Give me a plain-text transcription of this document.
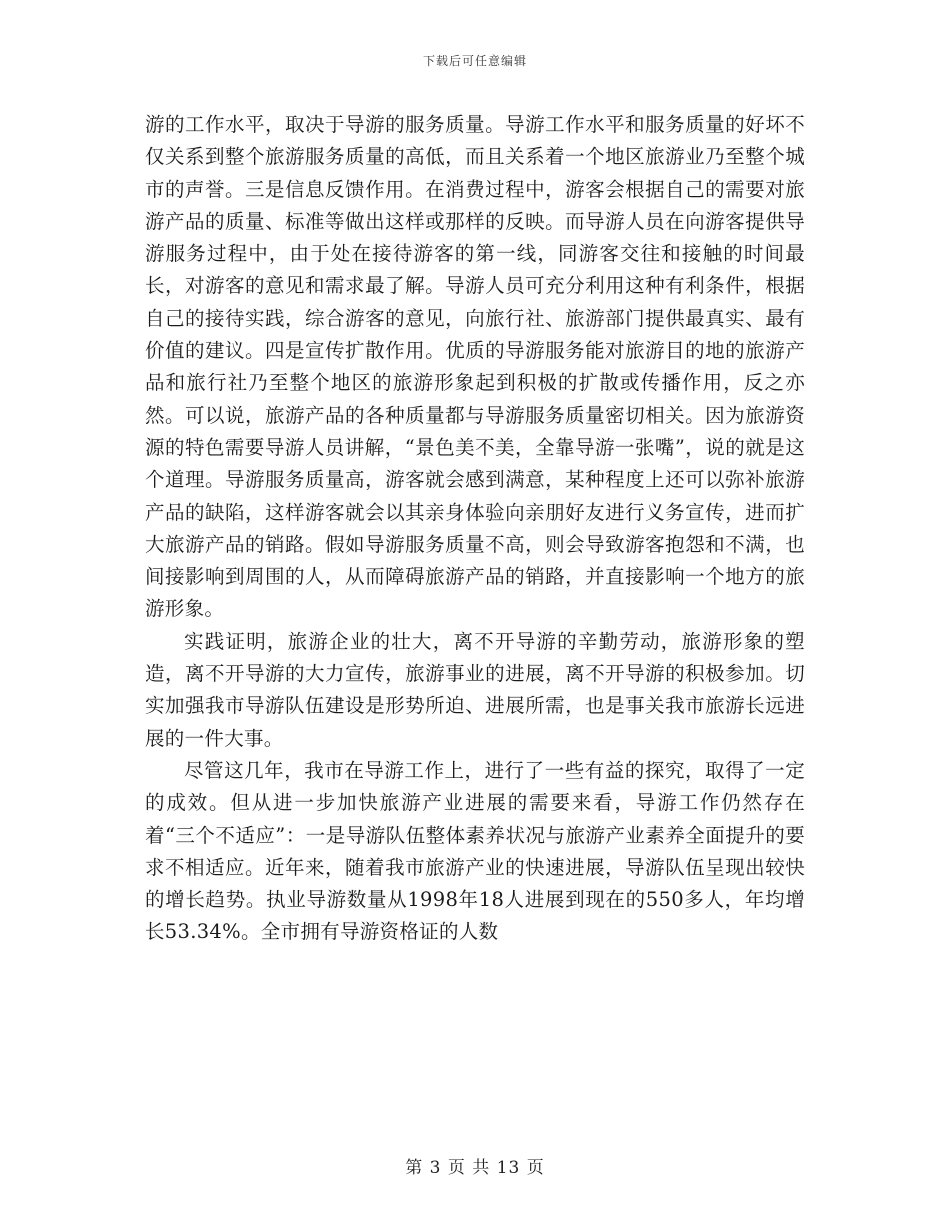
下载后可任意编辑

游的工作水平，取决于导游的服务质量。导游工作水平和服务质量的好坏不仅关系到整个旅游服务质量的高低，而且关系着一个地区旅游业乃至整个城市的声誉。三是信息反馈作用。在消费过程中，游客会根据自己的需要对旅游产品的质量、标准等做出这样或那样的反映。而导游人员在向游客提供导游服务过程中，由于处在接待游客的第一线，同游客交往和接触的时间最长，对游客的意见和需求最了解。导游人员可充分利用这种有利条件，根据自己的接待实践，综合游客的意见，向旅行社、旅游部门提供最真实、最有价值的建议。四是宣传扩散作用。优质的导游服务能对旅游目的地的旅游产品和旅行社乃至整个地区的旅游形象起到积极的扩散或传播作用，反之亦然。可以说，旅游产品的各种质量都与导游服务质量密切相关。因为旅游资源的特色需要导游人员讲解，“景色美不美，全靠导游一张嘴”，说的就是这个道理。导游服务质量高，游客就会感到满意，某种程度上还可以弥补旅游产品的缺陷，这样游客就会以其亲身体验向亲朋好友进行义务宣传，进而扩大旅游产品的销路。假如导游服务质量不高，则会导致游客抱怨和不满，也间接影响到周围的人，从而障碍旅游产品的销路，并直接影响一个地方的旅游形象。

实践证明，旅游企业的壮大，离不开导游的辛勤劳动，旅游形象的塑造，离不开导游的大力宣传，旅游事业的进展，离不开导游的积极参加。切实加强我市导游队伍建设是形势所迫、进展所需，也是事关我市旅游长远进展的一件大事。

尽管这几年，我市在导游工作上，进行了一些有益的探究，取得了一定的成效。但从进一步加快旅游产业进展的需要来看，导游工作仍然存在着“三个不适应”：一是导游队伍整体素养状况与旅游产业素养全面提升的要求不相适应。近年来，随着我市旅游产业的快速进展，导游队伍呈现出较快的增长趋势。执业导游数量从1998年18人进展到现在的550多人，年均增长53.34%。全市拥有导游资格证的人数

第 3 页 共 13 页
